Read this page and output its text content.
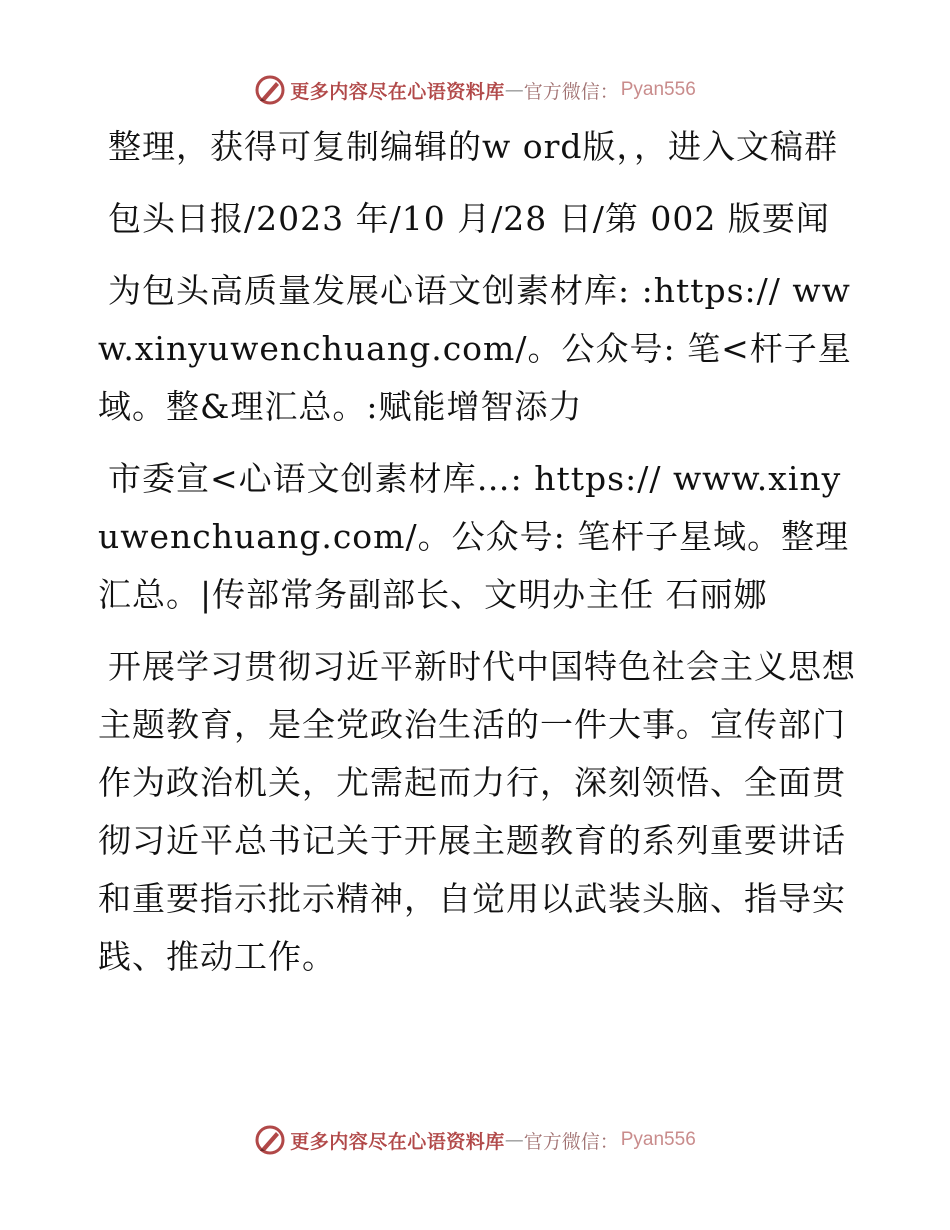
更多内容尽在心语资料库 — 官方微信： Pyan556

整理，获得可复制编辑的w ord版，，进入文稿群

包头日报/2023 年/10 月/28 日/第 002 版要闻

为包头高质量发展心语文创素材库: :https:// www.xinyuwenchuang.com/。公众号: 笔<杆子星域。整&理汇总。:赋能增智添力

市委宣<心语文创素材库…: https:// www.xinyuwenchuang.com/。公众号: 笔杆子星域。整理汇总。|传部常务副部长、文明办主任 石丽娜

开展学习贯彻习近平新时代中国特色社会主义思想主题教育，是全党政治生活的一件大事。宣传部门作为政治机关，尤需起而力行，深刻领悟、全面贯彻习近平总书记关于开展主题教育的系列重要讲话和重要指示批示精神，自觉用以武装头脑、指导实践、推动工作。

更多内容尽在心语资料库 — 官方微信： Pyan556
